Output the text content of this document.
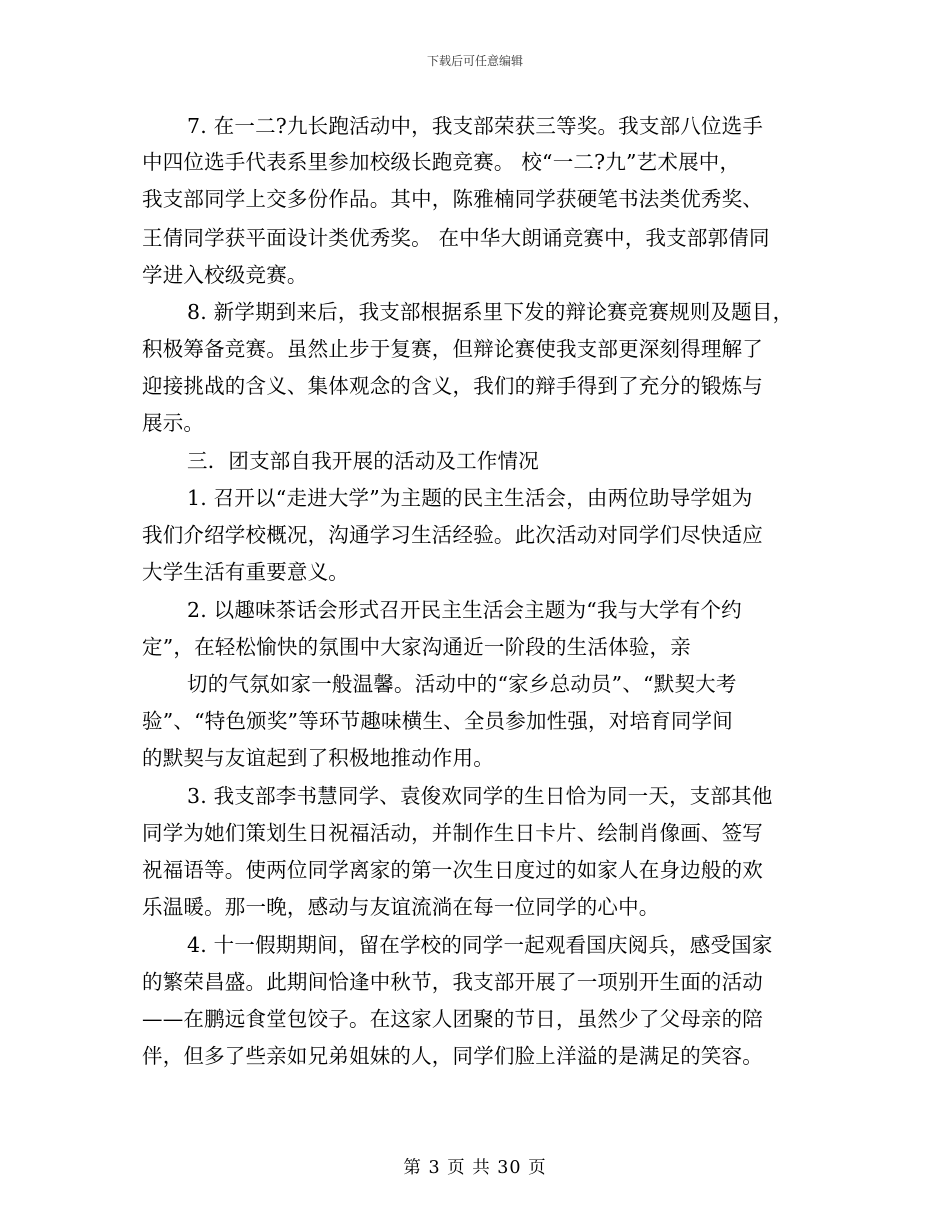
下载后可任意编辑
7. 在一二?九长跑活动中，我支部荣获三等奖。我支部八位选手
中四位选手代表系里参加校级长跑竞赛。 校“一二?九”艺术展中，
我支部同学上交多份作品。其中，陈雅楠同学获硬笔书法类优秀奖、
王倩同学获平面设计类优秀奖。 在中华大朗诵竞赛中，我支部郭倩同
学进入校级竞赛。
8. 新学期到来后，我支部根据系里下发的辩论赛竞赛规则及题目，
积极筹备竞赛。虽然止步于复赛，但辩论赛使我支部更深刻得理解了
迎接挑战的含义、集体观念的含义，我们的辩手得到了充分的锻炼与
展示。
三．团支部自我开展的活动及工作情况
1. 召开以“走进大学”为主题的民主生活会，由两位助导学姐为
我们介绍学校概况，沟通学习生活经验。此次活动对同学们尽快适应
大学生活有重要意义。
2. 以趣味茶话会形式召开民主生活会主题为“我与大学有个约
定”，在轻松愉快的氛围中大家沟通近一阶段的生活体验，亲
切的气氛如家一般温馨。活动中的“家乡总动员”、“默契大考
验”、“特色颁奖”等环节趣味横生、全员参加性强，对培育同学间
的默契与友谊起到了积极地推动作用。
3. 我支部李书慧同学、袁俊欢同学的生日恰为同一天，支部其他
同学为她们策划生日祝福活动，并制作生日卡片、绘制肖像画、签写
祝福语等。使两位同学离家的第一次生日度过的如家人在身边般的欢
乐温暖。那一晚，感动与友谊流淌在每一位同学的心中。
4. 十一假期期间，留在学校的同学一起观看国庆阅兵，感受国家
的繁荣昌盛。此期间恰逢中秋节，我支部开展了一项别开生面的活动
——在鹏远食堂包饺子。在这家人团聚的节日，虽然少了父母亲的陪
伴，但多了些亲如兄弟姐妹的人，同学们脸上洋溢的是满足的笑容。
第 3 页 共 30 页
